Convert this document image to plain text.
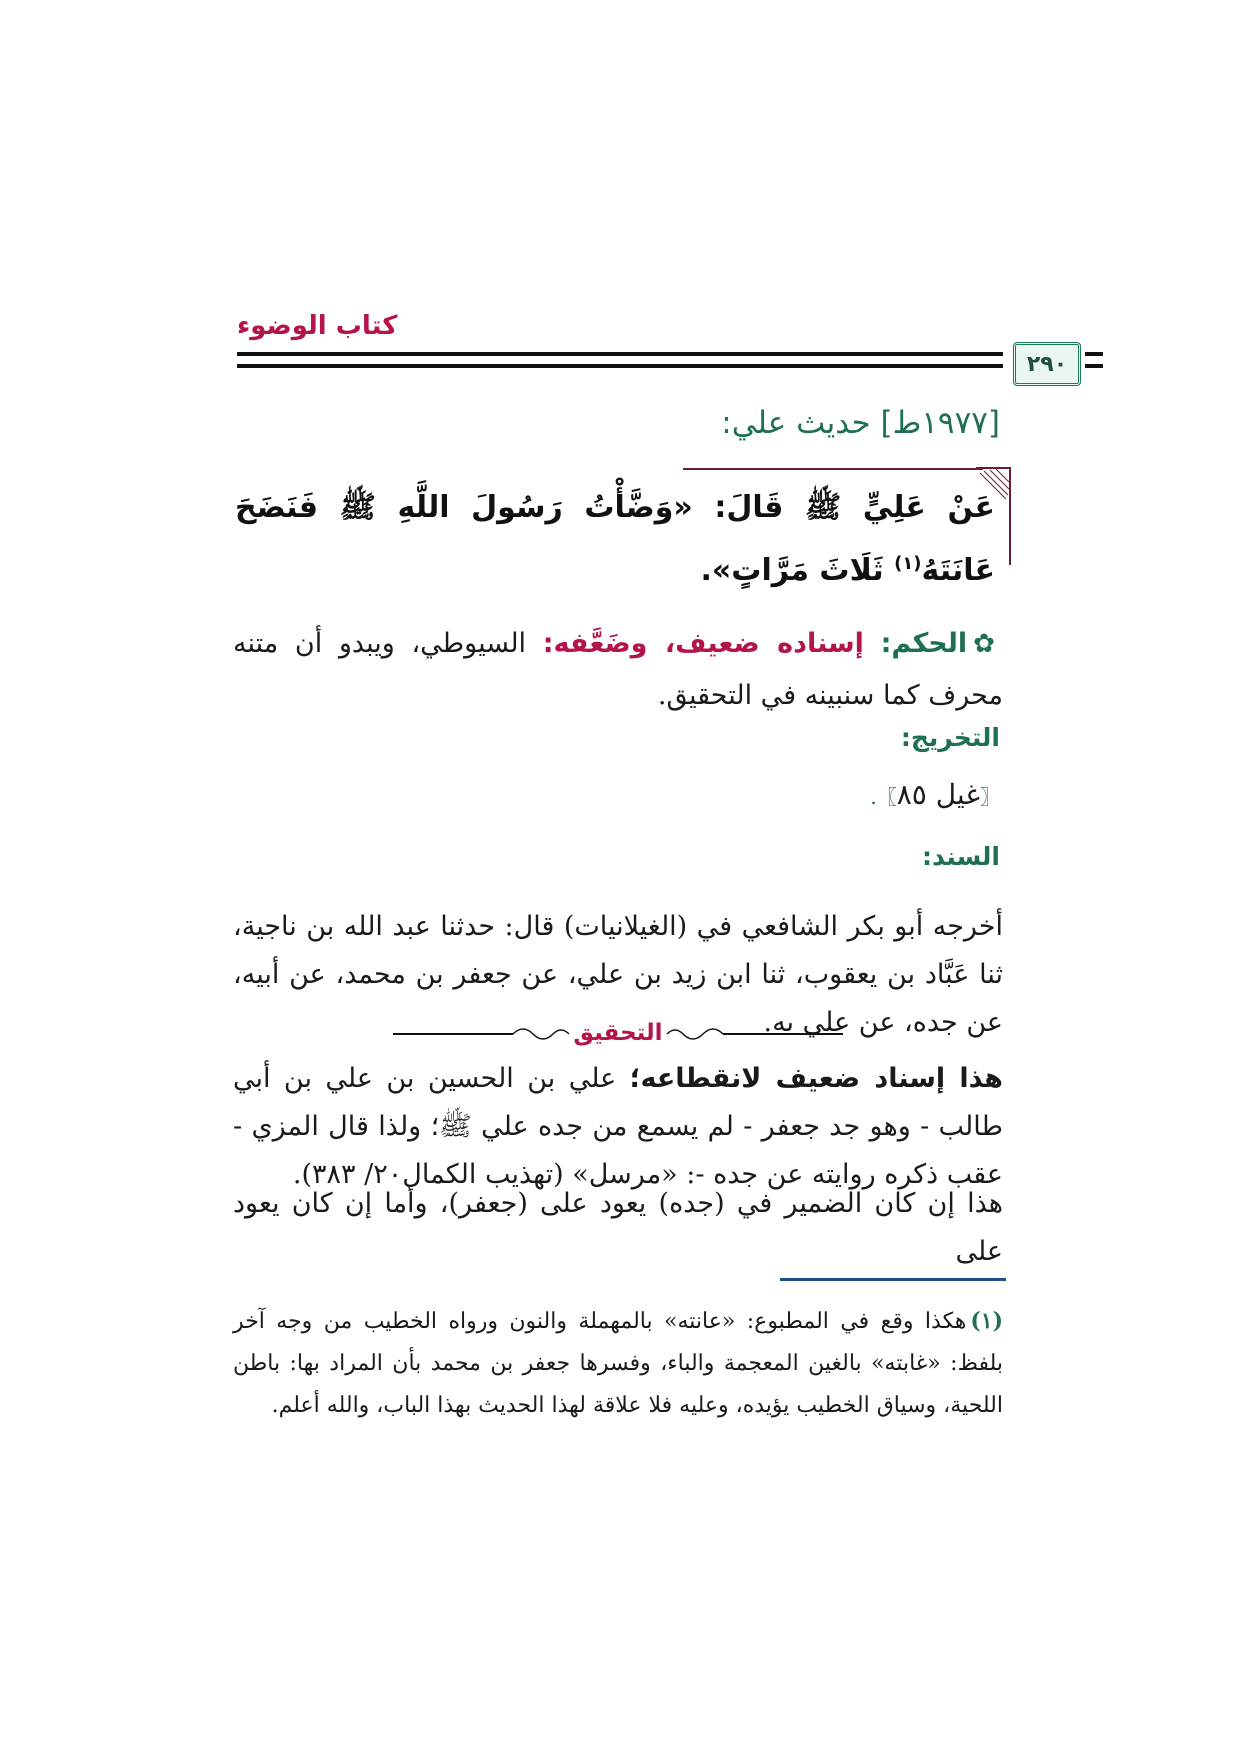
كتاب الوضوء
٢٩٠
[١٩٧٧ط] حديث علي:
عَنْ عَلِيٍّ ﷺ قَالَ: «وَضَّأْتُ رَسُولَ اللَّهِ ﷺ فَنَضَحَ عَانَتَهُ$^{(١)}$ ثَلَاثَ مَرَّاتٍ».
✿الحكم: إسناده ضعيف، وضَعَّفه: السيوطي، ويبدو أن متنه محرف كما سنبينه في التحقيق.
التخريج:
〖غيل ٨٥〗.
السند:
أخرجه أبو بكر الشافعي في (الغيلانيات) قال: حدثنا عبد الله بن ناجية، ثنا عَبَّاد بن يعقوب، ثنا ابن زيد بن علي، عن جعفر بن محمد، عن أبيه، عن جده، عن علي به.
التحقيق
هذا إسناد ضعيف لانقطاعه؛ علي بن الحسين بن علي بن أبي طالب - وهو جد جعفر - لم يسمع من جده علي ﷺ؛ ولذا قال المزي - عقب ذكره روايته عن جده -: «مرسل» (تهذيب الكمال٢٠/ ٣٨٣).
هذا إن كان الضمير في (جده) يعود على (جعفر)، وأما إن كان يعود على
(١)هكذا وقع في المطبوع: «عانته» بالمهملة والنون ورواه الخطيب من وجه آخر بلفظ: «غابته» بالغين المعجمة والباء، وفسرها جعفر بن محمد بأن المراد بها: باطن اللحية، وسياق الخطيب يؤيده، وعليه فلا علاقة لهذا الحديث بهذا الباب، والله أعلم.
